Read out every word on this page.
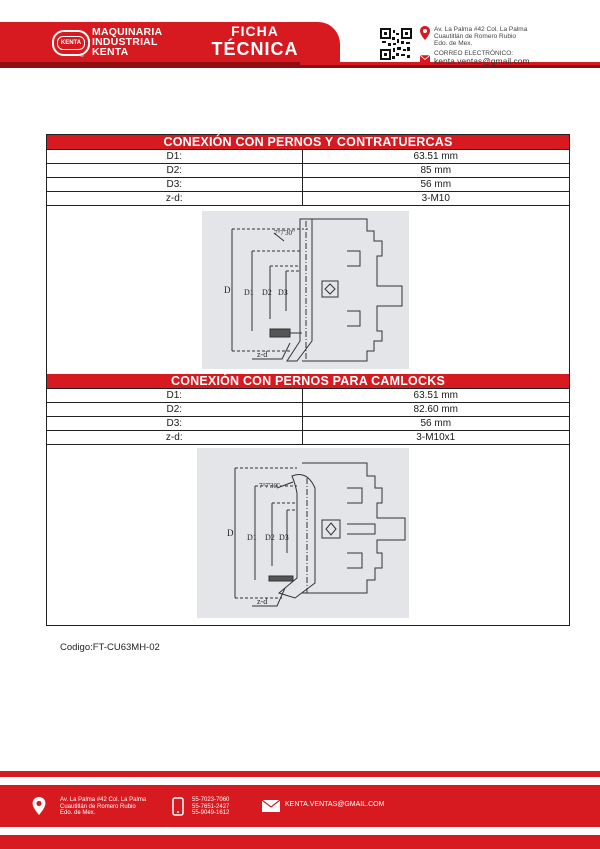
KENTA
MAQUINARIA
INDUSTRIAL
KENTA
®
FICHA
TÉCNICA
Av. La Palma #42 Col. La Palma
Cuautitlán de Romero Rubio
Edo. de Mex.
CORREO ELECTRÓNICO:
kenta.ventas@gmail.com
CONEXIÓN CON PERNOS Y CONTRATUERCAS
D1:	63.51 mm
D2:	85 mm
D3:	56 mm
z-d:	3-M10
7°7'30"
D D1 D2 D3
z-d
CONEXIÓN CON PERNOS PARA CAMLOCKS
D1:	63.51 mm
D2:	82.60 mm
D3:	56 mm
z-d:	3-M10x1
7°7'30"
D D1 D2 D3
z-d
Codigo:FT-CU63MH-02
Av. La Palma #42 Col. La Palma
Cuautitlán de Romero Rubio
Edo. de Mex.
55-7023-7060
55-7651-2427
55-9049-1612
KENTA.VENTAS@GMAIL.COM
